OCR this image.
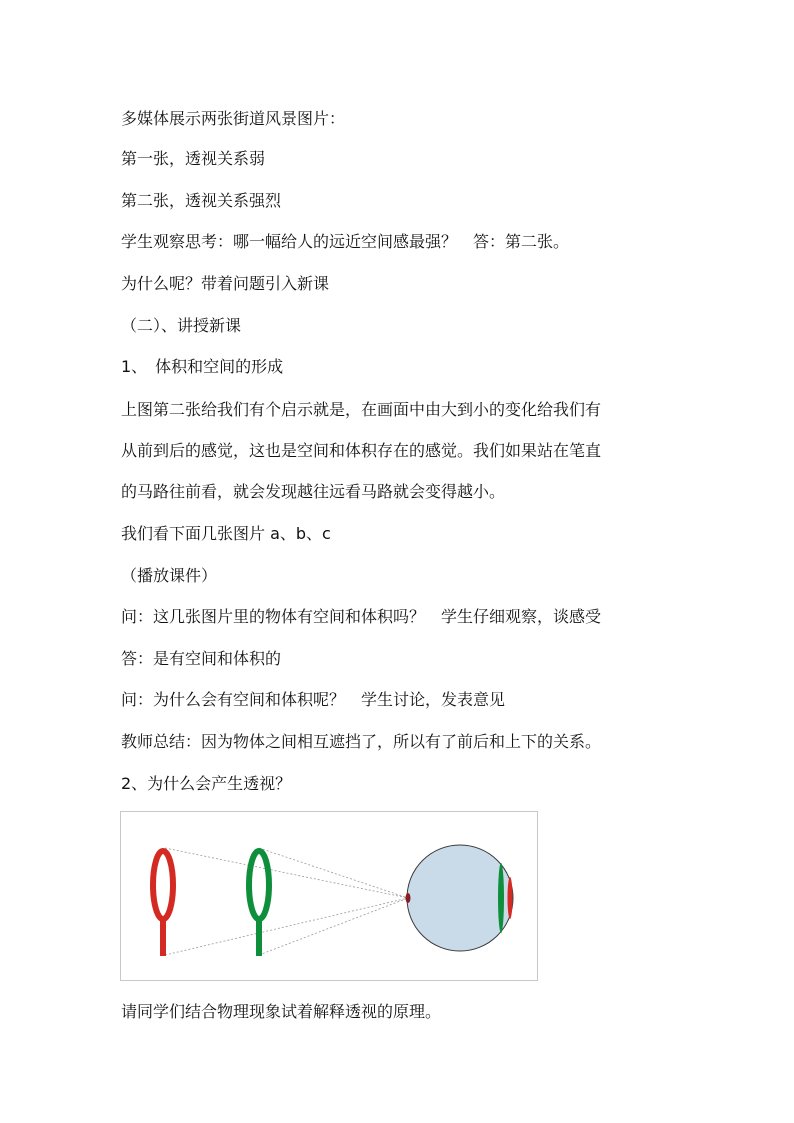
多媒体展示两张街道风景图片：
第一张，透视关系弱
第二张，透视关系强烈
学生观察思考：哪一幅给人的远近空间感最强？　答：第二张。
为什么呢？带着问题引入新课
（二）、讲授新课
1、　体积和空间的形成
上图第二张给我们有个启示就是，在画面中由大到小的变化给我们有
从前到后的感觉，这也是空间和体积存在的感觉。我们如果站在笔直
的马路往前看，就会发现越往远看马路就会变得越小。
我们看下面几张图片 a、b、c
（播放课件）
问：这几张图片里的物体有空间和体积吗？　学生仔细观察，谈感受
答：是有空间和体积的
问：为什么会有空间和体积呢？　学生讨论，发表意见
教师总结：因为物体之间相互遮挡了，所以有了前后和上下的关系。
2、为什么会产生透视？
请同学们结合物理现象试着解释透视的原理。
